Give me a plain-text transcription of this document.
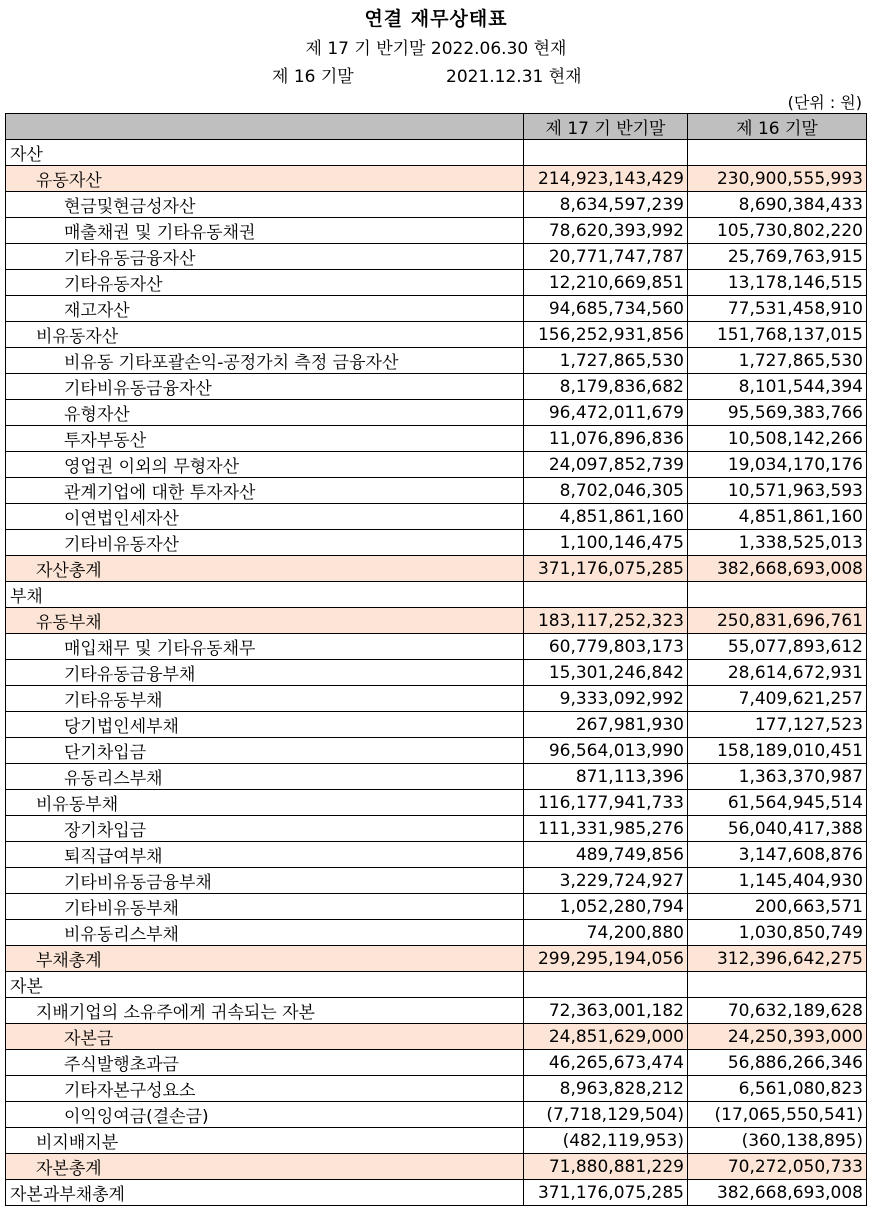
연결 재무상태표
제 17 기 반기말 2022.06.30 현재
제 16 기말	2021.12.31 현재
(단위 : 원)
	제 17 기 반기말	제 16 기말
자산		
유동자산	214,923,143,429	230,900,555,993
현금및현금성자산	8,634,597,239	8,690,384,433
매출채권 및 기타유동채권	78,620,393,992	105,730,802,220
기타유동금융자산	20,771,747,787	25,769,763,915
기타유동자산	12,210,669,851	13,178,146,515
재고자산	94,685,734,560	77,531,458,910
비유동자산	156,252,931,856	151,768,137,015
비유동 기타포괄손익-공정가치 측정 금융자산	1,727,865,530	1,727,865,530
기타비유동금융자산	8,179,836,682	8,101,544,394
유형자산	96,472,011,679	95,569,383,766
투자부동산	11,076,896,836	10,508,142,266
영업권 이외의 무형자산	24,097,852,739	19,034,170,176
관계기업에 대한 투자자산	8,702,046,305	10,571,963,593
이연법인세자산	4,851,861,160	4,851,861,160
기타비유동자산	1,100,146,475	1,338,525,013
자산총계	371,176,075,285	382,668,693,008
부채		
유동부채	183,117,252,323	250,831,696,761
매입채무 및 기타유동채무	60,779,803,173	55,077,893,612
기타유동금융부채	15,301,246,842	28,614,672,931
기타유동부채	9,333,092,992	7,409,621,257
당기법인세부채	267,981,930	177,127,523
단기차입금	96,564,013,990	158,189,010,451
유동리스부채	871,113,396	1,363,370,987
비유동부채	116,177,941,733	61,564,945,514
장기차입금	111,331,985,276	56,040,417,388
퇴직급여부채	489,749,856	3,147,608,876
기타비유동금융부채	3,229,724,927	1,145,404,930
기타비유동부채	1,052,280,794	200,663,571
비유동리스부채	74,200,880	1,030,850,749
부채총계	299,295,194,056	312,396,642,275
자본		
지배기업의 소유주에게 귀속되는 자본	72,363,001,182	70,632,189,628
자본금	24,851,629,000	24,250,393,000
주식발행초과금	46,265,673,474	56,886,266,346
기타자본구성요소	8,963,828,212	6,561,080,823
이익잉여금(결손금)	(7,718,129,504)	(17,065,550,541)
비지배지분	(482,119,953)	(360,138,895)
자본총계	71,880,881,229	70,272,050,733
자본과부채총계	371,176,075,285	382,668,693,008
